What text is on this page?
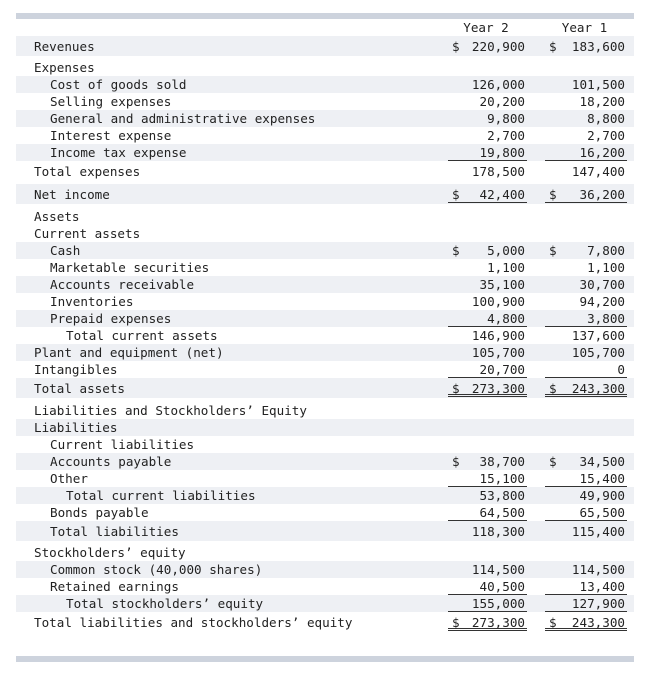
Year 2	Year 1
Revenues	$ 220,900 $ 183,600
Expenses
Cost of goods sold	126,000	101,500
Selling expenses	20,200	18,200
General and administrative expenses	9,800	8,800
Interest expense	2,700	2,700
Income tax expense	19,800	16,200
Total expenses	178,500	147,400
Net income	$ 42,400 $ 36,200
Assets
Current assets
Cash	$ 5,000 $ 7,800
Marketable securities	1,100	1,100
Accounts receivable	35,100	30,700
Inventories	100,900	94,200
Prepaid expenses	4,800	3,800
Total current assets	146,900	137,600
Plant and equipment (net)	105,700	105,700
Intangibles	20,700	0
Total assets	$ 273,300 $ 243,300
Liabilities and Stockholders’ Equity
Liabilities
Current liabilities
Accounts payable	$ 38,700 $ 34,500
Other	15,100	15,400
Total current liabilities	53,800	49,900
Bonds payable	64,500	65,500
Total liabilities	118,300	115,400
Stockholders’ equity
Common stock (40,000 shares)	114,500	114,500
Retained earnings	40,500	13,400
Total stockholders’ equity	155,000	127,900
Total liabilities and stockholders’ equity	$ 273,300 $ 243,300
